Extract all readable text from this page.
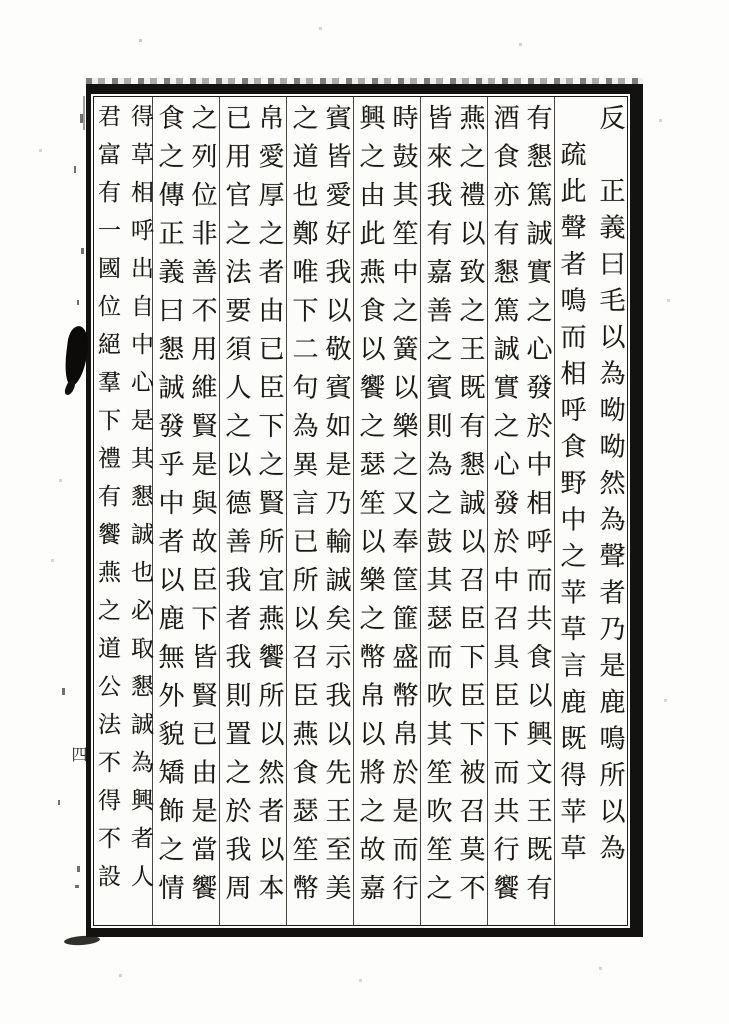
反　正義曰毛以為呦呦然為聲者乃是鹿鳴所以為
　疏此聲者鳴而相呼食野中之苹草言鹿既得苹草
有懇篤誠實之心發於中相呼而共食以興文王既有
酒食亦有懇篤誠實之心發於中召具臣下而共行饗
燕之禮以致之王既有懇誠以召臣下臣下被召莫不
皆來我有嘉善之賓則為之鼓其瑟而吹其笙吹笙之
時鼓其笙中之簧以樂之又奉筐篚盛幣帛於是而行
興之由此燕食以饗之瑟笙以樂之幣帛以將之故嘉
賓皆愛好我以敬賓如是乃輸誠矣示我以先王至美
之道也鄭唯下二句為異言已所以召臣燕食瑟笙幣
帛愛厚之者由已臣下之賢所宜燕饗所以然者以本
已用官之法要須人之以德善我者我則置之於我周
之列位非善不用維賢是與故臣下皆賢已由是當饗
食之傳正義曰懇誠發乎中者以鹿無外貌矯飾之情
得草相呼出自中心是其懇誠也必取懇誠為興者人
君富有一國位絕羣下禮有饗燕之道公法不得不設
四
